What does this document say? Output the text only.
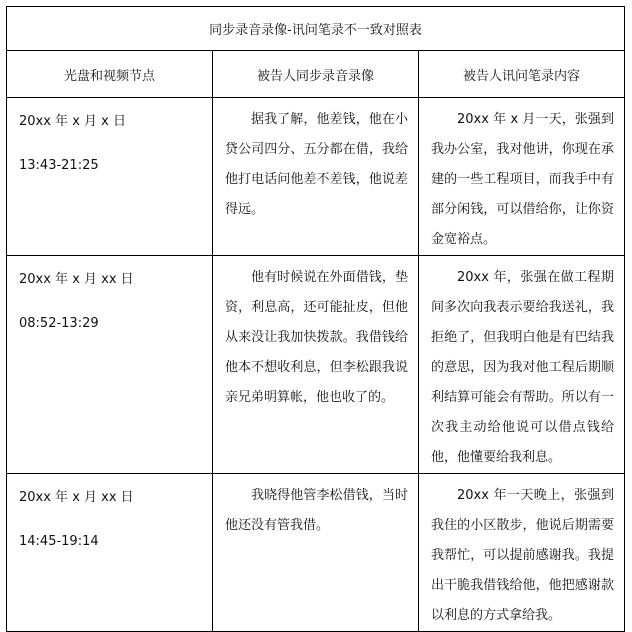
同步录音录像-讯问笔录不一致对照表		
光盘和视频节点	被告人同步录音录像	被告人讯问笔录内容

20xx 年 x 月 x 日
13:43-21:25	据我了解，他差钱，他在小贷公司四分、五分都在借，我给他打电话问他差不差钱，他说差得远。	20xx 年 x 月一天，张强到我办公室，我对他讲，你现在承建的一些工程项目，而我手中有部分闲钱，可以借给你，让你资金宽裕点。

20xx 年 x 月 xx 日
08:52-13:29	他有时候说在外面借钱，垫资，利息高，还可能扯皮，但他从来没让我加快拨款。我借钱给他本不想收利息，但李松跟我说亲兄弟明算帐，他也收了的。	20xx 年，张强在做工程期间多次向我表示要给我送礼，我拒绝了，但我明白他是有巴结我的意思，因为我对他工程后期顺利结算可能会有帮助。所以有一次我主动给他说可以借点钱给他，他懂要给我利息。

20xx 年 x 月 xx 日
14:45-19:14	我晓得他管李松借钱，当时他还没有管我借。	20xx 年一天晚上，张强到我住的小区散步，他说后期需要我帮忙，可以提前感谢我。我提出干脆我借钱给他，他把感谢款以利息的方式拿给我。
